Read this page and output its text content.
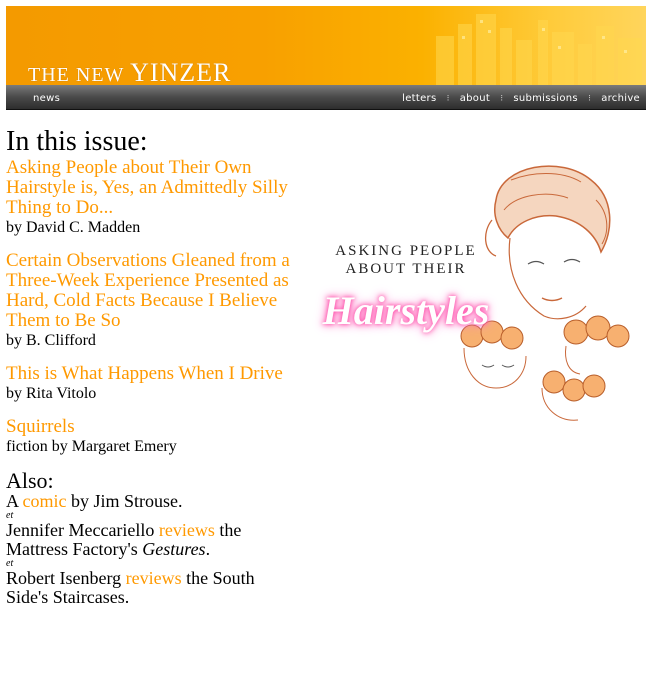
THE NEW YINZER
news	letters ⁝ about ⁝ submissions ⁝ archive
In this issue:
Asking People about Their Own Hairstyle is, Yes, an Admittedly Silly Thing to Do...
by David C. Madden
Certain Observations Gleaned from a Three-Week Experience Presented as Hard, Cold Facts Because I Believe Them to Be So
by B. Clifford
This is What Happens When I Drive
by Rita Vitolo
Squirrels
fiction by Margaret Emery
Also:
A comic by Jim Strouse.

et

Jennifer Meccariello reviews the Mattress Factory's Gestures.

et

Robert Isenberg reviews the South Side's Staircases.
ASKING PEOPLE
ABOUT THEIR
Hairstyles
